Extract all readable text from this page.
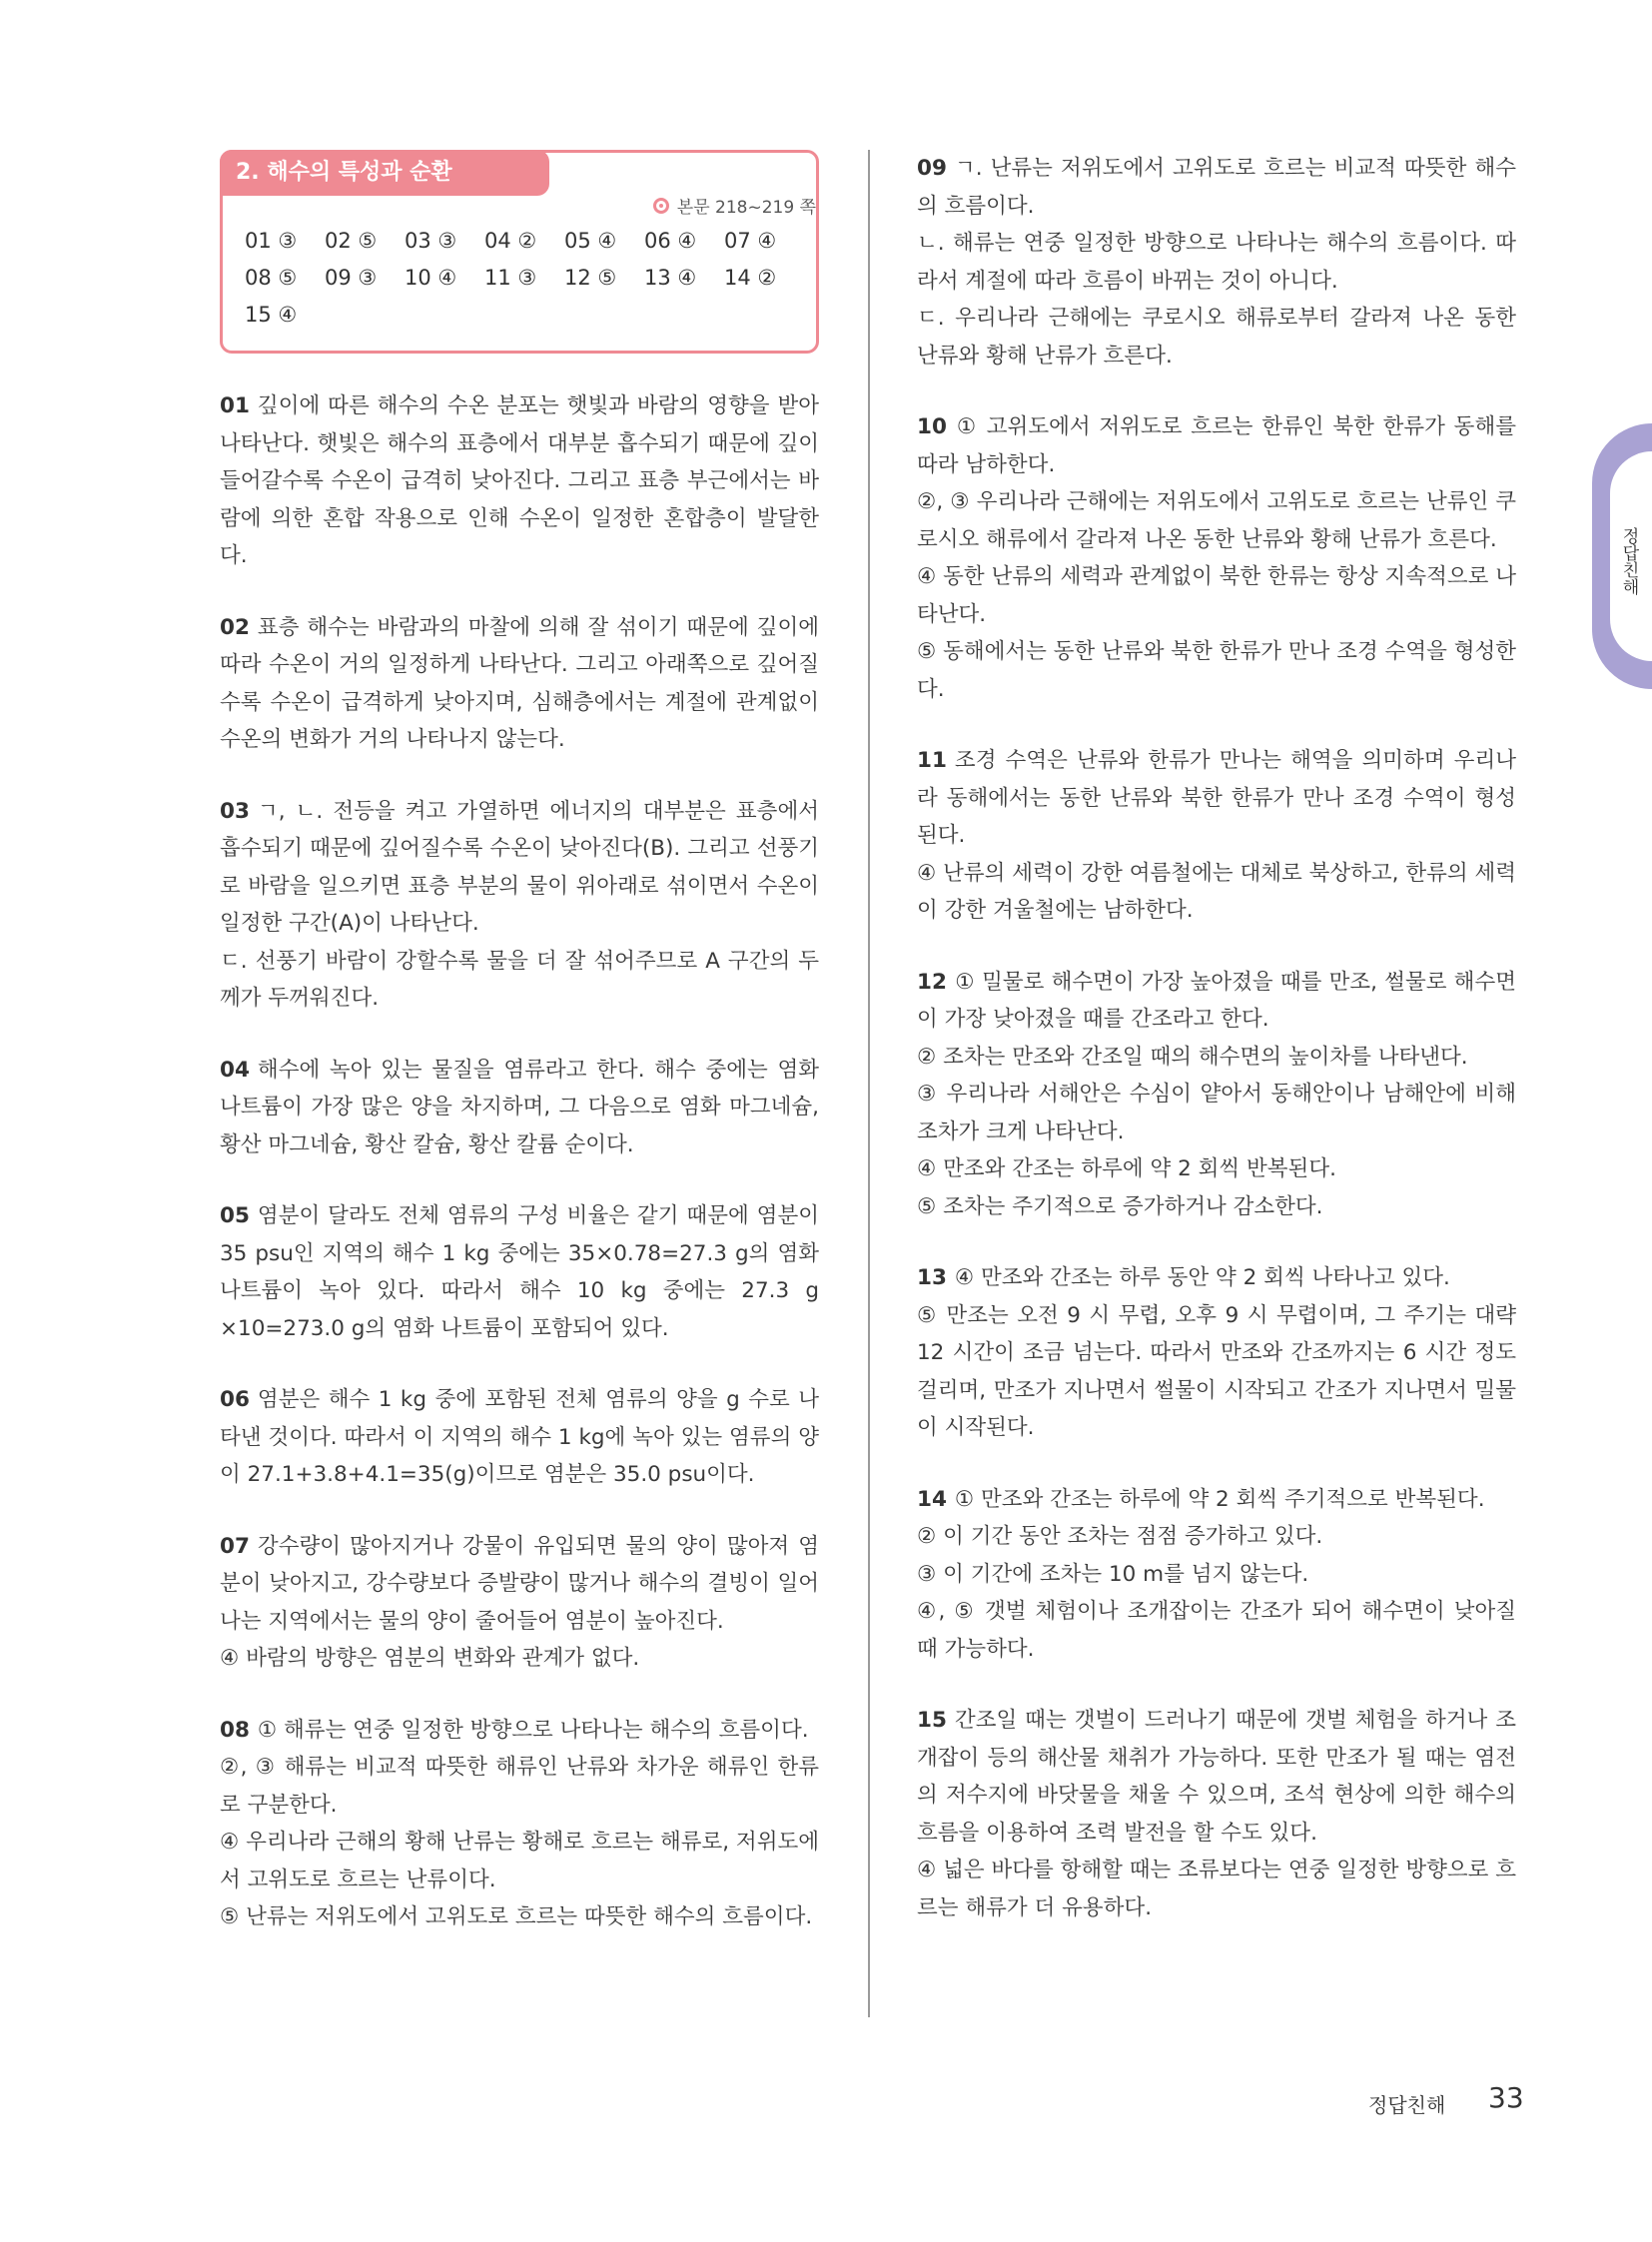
2. 해수의 특성과 순환
본문 218~219 쪽
01 ③	02 ⑤	03 ③	04 ②	05 ④	06 ④	07 ④
08 ⑤	09 ③	10 ④	11 ③	12 ⑤	13 ④	14 ②
15 ④

01 깊이에 따른 해수의 수온 분포는 햇빛과 바람의 영향을 받아 나타난다. 햇빛은 해수의 표층에서 대부분 흡수되기 때문에 깊이 들어갈수록 수온이 급격히 낮아진다. 그리고 표층 부근에서는 바람에 의한 혼합 작용으로 인해 수온이 일정한 혼합층이 발달한다.

02 표층 해수는 바람과의 마찰에 의해 잘 섞이기 때문에 깊이에 따라 수온이 거의 일정하게 나타난다. 그리고 아래쪽으로 깊어질수록 수온이 급격하게 낮아지며, 심해층에서는 계절에 관계없이 수온의 변화가 거의 나타나지 않는다.

03 ㄱ, ㄴ. 전등을 켜고 가열하면 에너지의 대부분은 표층에서 흡수되기 때문에 깊어질수록 수온이 낮아진다(B). 그리고 선풍기로 바람을 일으키면 표층 부분의 물이 위아래로 섞이면서 수온이 일정한 구간(A)이 나타난다.

ㄷ. 선풍기 바람이 강할수록 물을 더 잘 섞어주므로 A 구간의 두께가 두꺼워진다.

04 해수에 녹아 있는 물질을 염류라고 한다. 해수 중에는 염화 나트륨이 가장 많은 양을 차지하며, 그 다음으로 염화 마그네슘, 황산 마그네슘, 황산 칼슘, 황산 칼륨 순이다.

05 염분이 달라도 전체 염류의 구성 비율은 같기 때문에 염분이 35 psu인 지역의 해수 1 kg 중에는 35×0.78=27.3 g의 염화 나트륨이 녹아 있다. 따라서 해수 10 kg 중에는 27.3 g ×10=273.0 g의 염화 나트륨이 포함되어 있다.

06 염분은 해수 1 kg 중에 포함된 전체 염류의 양을 g 수로 나타낸 것이다. 따라서 이 지역의 해수 1 kg에 녹아 있는 염류의 양이 27.1+3.8+4.1=35(g)이므로 염분은 35.0 psu이다.

07 강수량이 많아지거나 강물이 유입되면 물의 양이 많아져 염분이 낮아지고, 강수량보다 증발량이 많거나 해수의 결빙이 일어나는 지역에서는 물의 양이 줄어들어 염분이 높아진다.

④ 바람의 방향은 염분의 변화와 관계가 없다.

08 ① 해류는 연중 일정한 방향으로 나타나는 해수의 흐름이다.

②, ③ 해류는 비교적 따뜻한 해류인 난류와 차가운 해류인 한류로 구분한다.

④ 우리나라 근해의 황해 난류는 황해로 흐르는 해류로, 저위도에서 고위도로 흐르는 난류이다.

⑤ 난류는 저위도에서 고위도로 흐르는 따뜻한 해수의 흐름이다.

09 ㄱ. 난류는 저위도에서 고위도로 흐르는 비교적 따뜻한 해수의 흐름이다.

ㄴ. 해류는 연중 일정한 방향으로 나타나는 해수의 흐름이다. 따라서 계절에 따라 흐름이 바뀌는 것이 아니다.

ㄷ. 우리나라 근해에는 쿠로시오 해류로부터 갈라져 나온 동한 난류와 황해 난류가 흐른다.

10 ① 고위도에서 저위도로 흐르는 한류인 북한 한류가 동해를 따라 남하한다.

②, ③ 우리나라 근해에는 저위도에서 고위도로 흐르는 난류인 쿠로시오 해류에서 갈라져 나온 동한 난류와 황해 난류가 흐른다.

④ 동한 난류의 세력과 관계없이 북한 한류는 항상 지속적으로 나타난다.

⑤ 동해에서는 동한 난류와 북한 한류가 만나 조경 수역을 형성한다.

11 조경 수역은 난류와 한류가 만나는 해역을 의미하며 우리나라 동해에서는 동한 난류와 북한 한류가 만나 조경 수역이 형성된다.

④ 난류의 세력이 강한 여름철에는 대체로 북상하고, 한류의 세력이 강한 겨울철에는 남하한다.

12 ① 밀물로 해수면이 가장 높아졌을 때를 만조, 썰물로 해수면이 가장 낮아졌을 때를 간조라고 한다.

② 조차는 만조와 간조일 때의 해수면의 높이차를 나타낸다.

③ 우리나라 서해안은 수심이 얕아서 동해안이나 남해안에 비해 조차가 크게 나타난다.

④ 만조와 간조는 하루에 약 2 회씩 반복된다.

⑤ 조차는 주기적으로 증가하거나 감소한다.

13 ④ 만조와 간조는 하루 동안 약 2 회씩 나타나고 있다.

⑤ 만조는 오전 9 시 무렵, 오후 9 시 무렵이며, 그 주기는 대략 12 시간이 조금 넘는다. 따라서 만조와 간조까지는 6 시간 정도 걸리며, 만조가 지나면서 썰물이 시작되고 간조가 지나면서 밀물이 시작된다.

14 ① 만조와 간조는 하루에 약 2 회씩 주기적으로 반복된다.

② 이 기간 동안 조차는 점점 증가하고 있다.

③ 이 기간에 조차는 10 m를 넘지 않는다.

④, ⑤ 갯벌 체험이나 조개잡이는 간조가 되어 해수면이 낮아질 때 가능하다.

15 간조일 때는 갯벌이 드러나기 때문에 갯벌 체험을 하거나 조개잡이 등의 해산물 채취가 가능하다. 또한 만조가 될 때는 염전의 저수지에 바닷물을 채울 수 있으며, 조석 현상에 의한 해수의 흐름을 이용하여 조력 발전을 할 수도 있다.

④ 넓은 바다를 항해할 때는 조류보다는 연중 일정한 방향으로 흐르는 해류가 더 유용하다.

정답친해
정답친해 33
